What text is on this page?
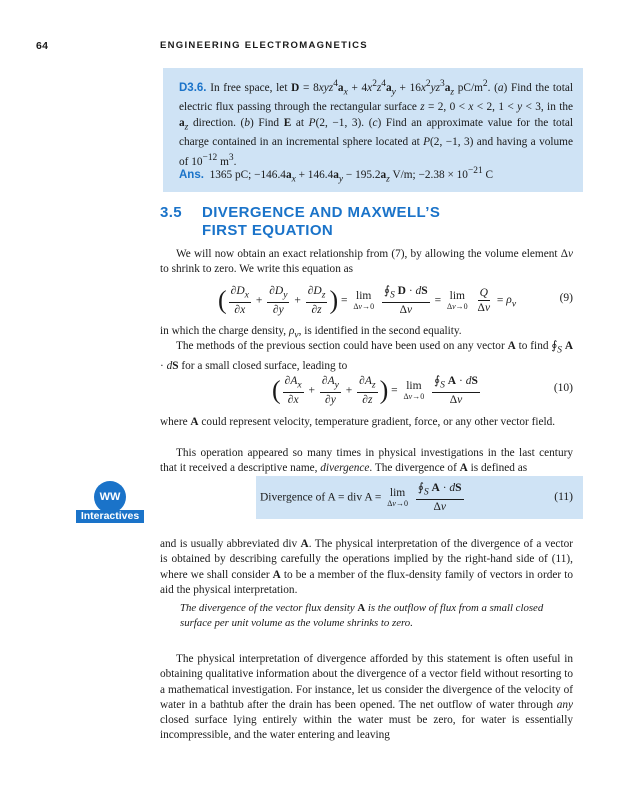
64	ENGINEERING ELECTROMAGNETICS
D3.6. In free space, let $D = 8xyz^4a_x + 4x^2z^4a_y + 16x^2yz^3a_z$ $pC/m^2$. (a) Find the total electric flux passing through the rectangular surface z = 2, 0 < x < 2, 1 < y < 3, in the $a_z$ direction. (b) Find E at P(2, −1, 3). (c) Find an approximate value for the total charge contained in an incremental sphere located at P(2, −1, 3) and having a volume of $10^{-12}$ $m^3$.
Ans. 1365 pC; $-146.4a_x + 146.4a_y - 195.2a_z$ V/m; $-2.38 \times 10^{-21}$ C
3.5 DIVERGENCE AND MAXWELL’S
FIRST EQUATION
We will now obtain an exact relationship from (7), by allowing the volume element Δv to shrink to zero. We write this equation as
( $\frac{\partial D_x}{\partial x} + \frac{\partial D_y}{\partial y} + \frac{\partial D_z}{\partial z}$ ) = lim
Δv→0
$\frac{∮_S D \cdot dS}{\Delta v} = \lim$
Δv→0
$\frac{Q}{\Delta v} = \rho_v$
(9)
in which the charge density, $\rho_v$, is identified in the second equality.
The methods of the previous section could have been used on any vector A to find $∮_S$ A · dS for a small closed surface, leading to
( $\frac{\partial A_x}{\partial x} + \frac{\partial A_y}{\partial y} + \frac{\partial A_z}{\partial z}$ ) = lim
Δv→0
$\frac{∮_S A \cdot dS}{\Delta v}$	(10)
where A could represent velocity, temperature gradient, force, or any other vector field.
This operation appeared so many times in physical investigations in the last century that it received a descriptive name, divergence. The divergence of A is defined as
Divergence of A = div A = lim
Δv→0
$\frac{∮_S A \cdot dS}{\Delta v}$	(11)
WW
Interactives
and is usually abbreviated div A. The physical interpretation of the divergence of a vector is obtained by describing carefully the operations implied by the right-hand side of (11), where we shall consider A to be a member of the flux-density family of vectors in order to aid the physical interpretation.
The divergence of the vector flux density A is the outflow of flux from a small closed surface per unit volume as the volume shrinks to zero.
The physical interpretation of divergence afforded by this statement is often useful in obtaining qualitative information about the divergence of a vector field without resorting to a mathematical investigation. For instance, let us consider the divergence of the velocity of water in a bathtub after the drain has been opened. The net outflow of water through any closed surface lying entirely within the water must be zero, for water is essentially incompressible, and the water entering and leaving
